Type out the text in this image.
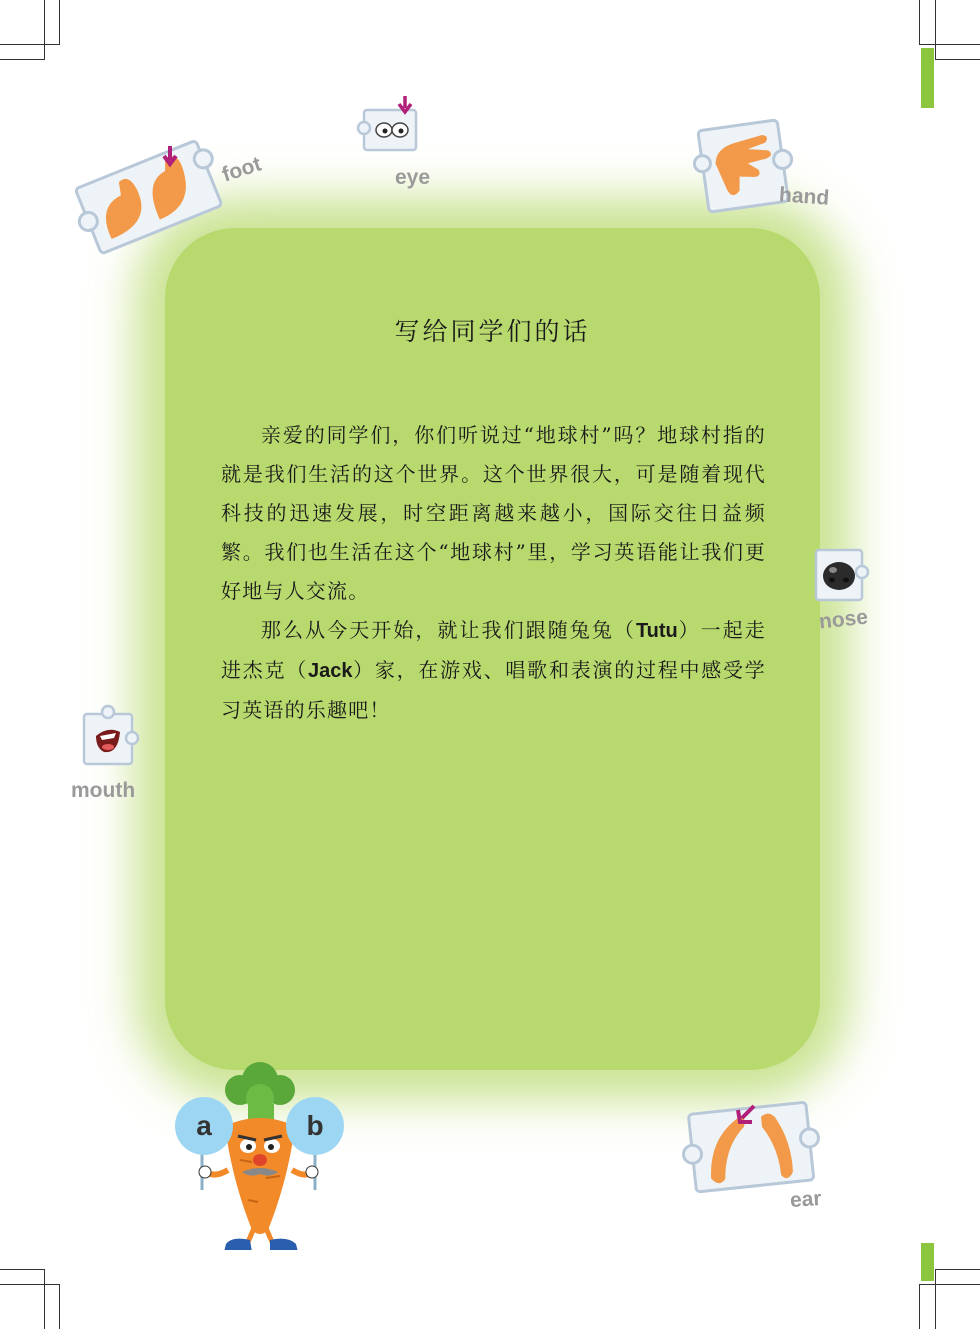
写给同学们的话

亲爱的同学们，你们听说过“地球村”吗？地球村指的就是我们生活的这个世界。这个世界很大，可是随着现代科技的迅速发展，时空距离越来越小，国际交往日益频繁。我们也生活在这个“地球村”里，学习英语能让我们更好地与人交流。

那么从今天开始，就让我们跟随兔兔（Tutu）一起走进杰克（Jack）家，在游戏、唱歌和表演的过程中感受学习英语的乐趣吧！

foot	eye
hand
nose
mouth
ear
a	b
